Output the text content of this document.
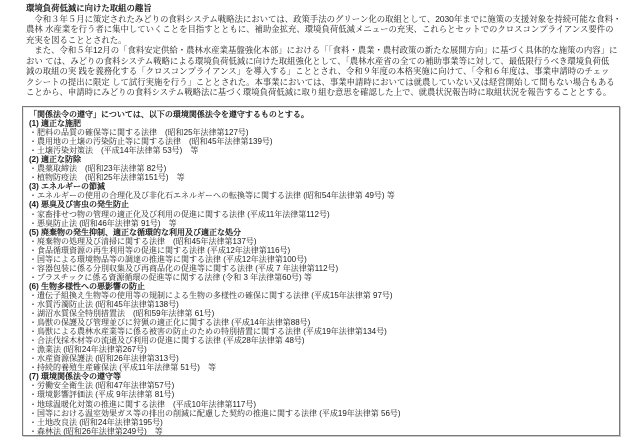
環境負荷低減に向けた取組の趣旨
　令和３年５月に策定されたみどりの食料システム戦略法においては、政策手法のグリーン化の取組として、2030年までに施策の支援対象を持続可能な食料・
農林 水産業を行う者に集中していくことを目指すとともに、補助金拡充、環境負荷低減メニューの充実、これらとセットでのクロスコンプライアンス要件の
充実を図ることとされた。
　また、令和５年12月の「食料安定供給・農林水産業基盤強化本部」における「「食料・農業・農村政策の新たな展開方向」に基づく具体的な施策の内容」に
おい ては、みどりの食料システム戦略による環境負荷低減に向けた取組強化として、「農林水産省の全ての補助事業等に対して、最低限行うべき環境負荷低
減の取組の実 践を義務化する「クロスコンプライアンス」を導入する」こととされ、令和９年度の本格実施に向けて、「令和６年度は、事業申請時のチェッ
クシートの提出に限定 して試行実施を行う」こととされた。本事業においては、事業申請時においては就農していない又は経営開始して間もない場合もある
ことから、申請時にみどりの食料システム戦略法に基づく環境負荷低減に取り組む意思を確認した上で、就農状況報告時に取組状況を報告することとする。
「関係法令の遵守」については、以下の環境関係法令を遵守するものとする。
(1) 適正な施肥
・肥料の品質の確保等に関する法律　(昭和25年法律第127号)
・農用地の土壌の汚染防止等に関する法律　(昭和45年法律第139号)
・土壌汚染対策法　(平成14年法律第 53号)　等
(2) 適正な防除
・農薬取締法　(昭和23年法律第 82号)
・植物防疫法　(昭和25年法律第151号)　等
(3) エネルギーの節減
・エネルギーの使用の合理化及び非化石エネルギーへの転換等に関する法律 (昭和54年法律第 49号) 等
(4) 悪臭及び害虫の発生防止
・家畜排せつ物の管理の適正化及び利用の促進に関する法律 (平成11年法律第112号)
・悪臭防止法 (昭和46年法律第 91号)　等
(5) 廃棄物の発生抑制、適正な循環的な利用及び適正な処分
・廃棄物の処理及び清掃に関する法律　(昭和45年法律第137号)
・食品循環資源の再生利用等の促進に関する法律 (平成12年法律第116号)
・国等による環境物品等の調達の推進等に関する法律 (平成12年法律第100号)
・容器包装に係る分別収集及び再商品化の促進等に関する法律 (平成 7 年法律第112号)
・プラスチックに係る資源循環の促進等に関する法律 (令和 3 年法律第60号) 等
(6) 生物多様性への悪影響の防止
・遺伝子組換え生物等の使用等の規制による生物の多様性の確保に関する法律 (平成15年法律第 97号)
・水質汚濁防止法 (昭和45年法律第138号)
・湖沼水質保全特別措置法　(昭和59年法律第 61号)
・鳥獣の保護及び管理並びに狩猟の適正化に関する法律 (平成14年法律第88号)
・鳥獣による農林水産業等に係る被害の防止のための特別措置に関する法律 (平成19年法律第134号)
・合法伐採木材等の流通及び利用の促進に関する法律 (平成28年法律第 48号)
・漁業法 (昭和24年法律第267号)
・水産資源保護法 (昭和26年法律第313号)
・持続的養殖生産確保法 (平成11年法律第 51号)　等
(7) 環境関係法令の遵守等
・労働安全衛生法 (昭和47年法律第57号)
・環境影響評価法 (平成 9年法律第 81号)
・地球温暖化対策の推進に関する法律　(平成10年法律第117号)
・国等における温室効果ガス等の排出の削減に配慮した契約の推進に関する法律 (平成19年法律第 56号)
・土地改良法 (昭和24年法律第195号)
・森林法 (昭和26年法律第249号)　等
